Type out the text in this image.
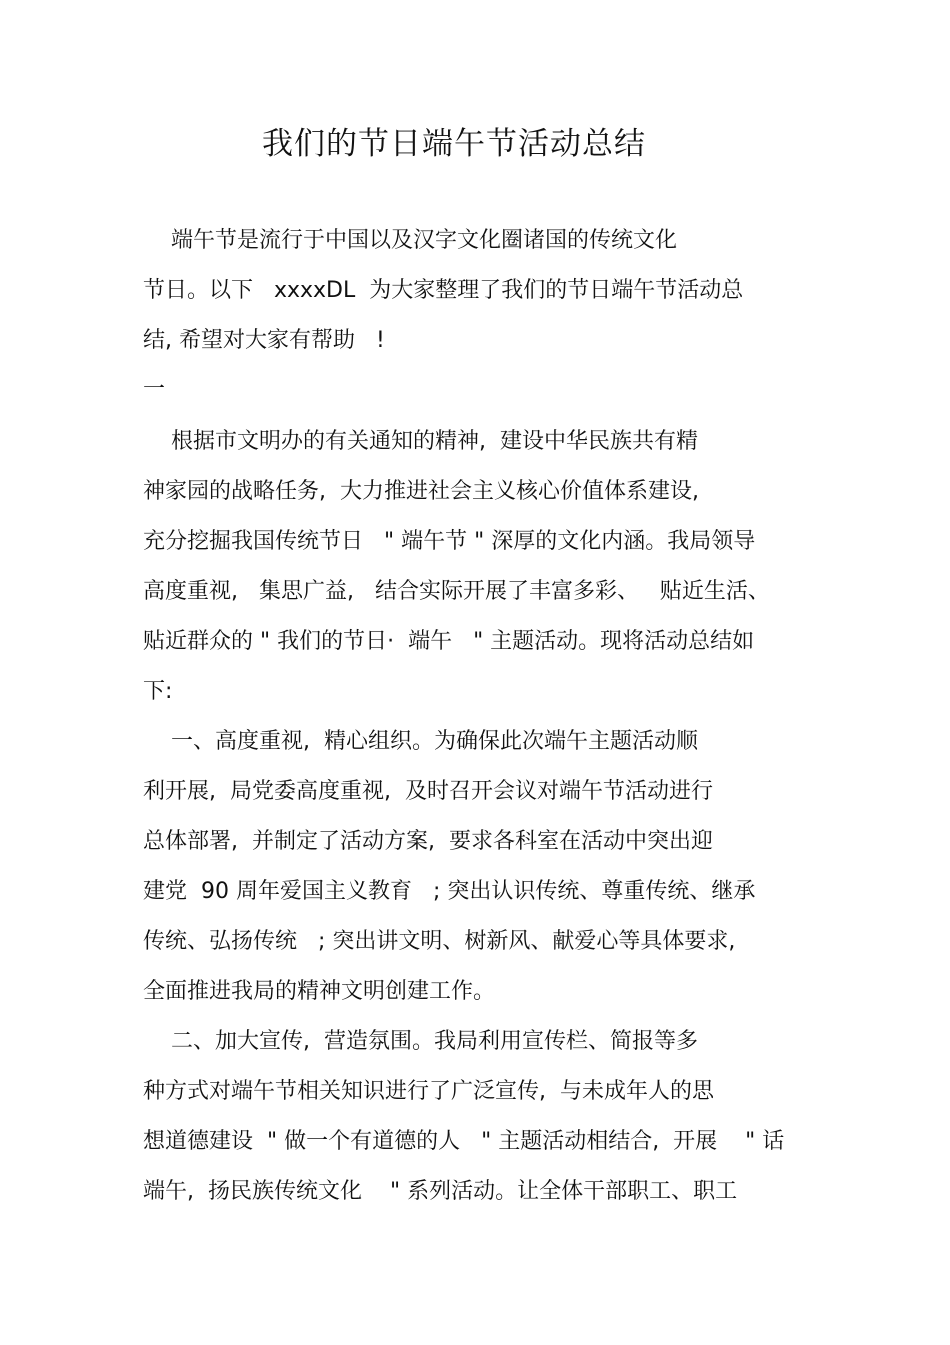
我们的节日端午节活动总结
端午节是流行于中国以及汉字文化圈诸国的传统文化
节日。以下   xxxxDL  为大家整理了我们的节日端午节活动总
结, 希望对大家有帮助   !
一
根据市文明办的有关通知的精神,  建设中华民族共有精
神家园的战略任务,  大力推进社会主义核心价值体系建设,
充分挖掘我国传统节日   " 端午节 " 深厚的文化内涵。我局领导
高度重视,   集思广益,   结合实际开展了丰富多彩、   贴近生活、
贴近群众的 " 我们的节日·  端午   " 主题活动。现将活动总结如
下:
一、高度重视,  精心组织。为确保此次端午主题活动顺
利开展,  局党委高度重视,  及时召开会议对端午节活动进行
总体部署,  并制定了活动方案,  要求各科室在活动中突出迎
建党  90 周年爱国主义教育   ; 突出认识传统、尊重传统、继承
传统、弘扬传统   ; 突出讲文明、树新风、献爱心等具体要求,
全面推进我局的精神文明创建工作。
二、加大宣传,  营造氛围。我局利用宣传栏、简报等多
种方式对端午节相关知识进行了广泛宣传,  与未成年人的思
想道德建设  " 做一个有道德的人   " 主题活动相结合,  开展    " 话
端午,  扬民族传统文化    " 系列活动。让全体干部职工、职工
